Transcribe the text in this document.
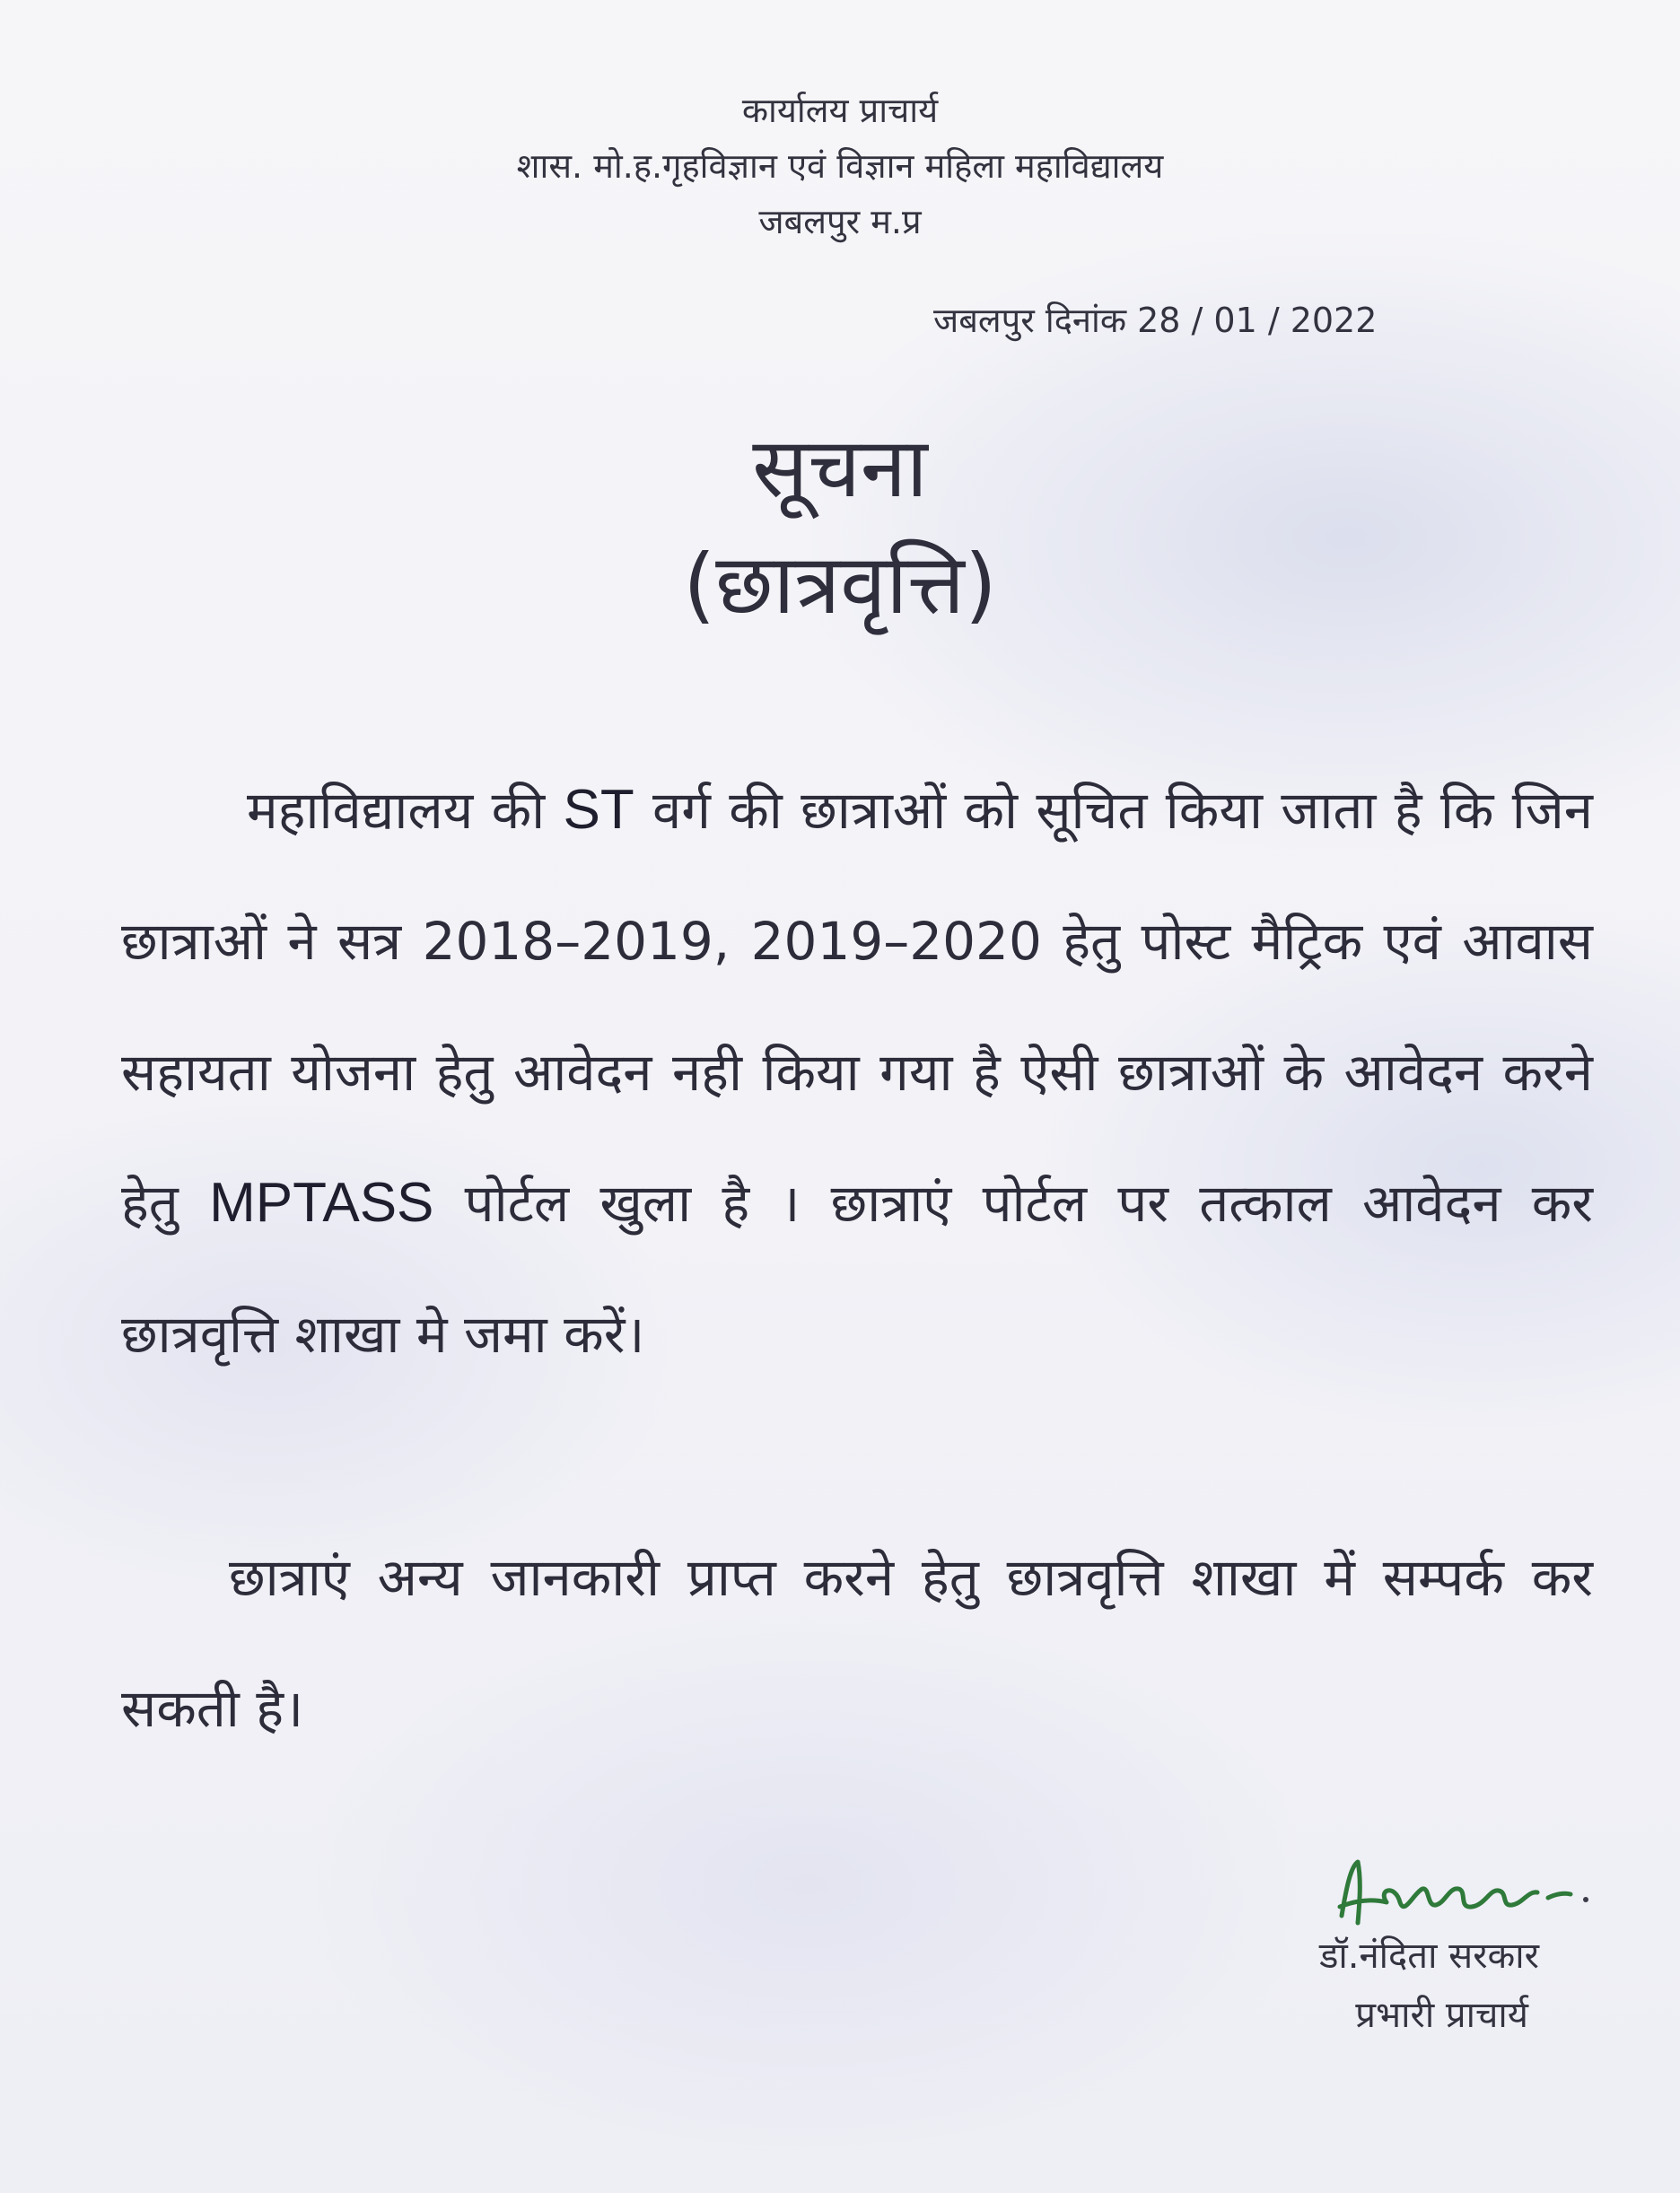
कार्यालय प्राचार्य
शास. मो.ह.गृहविज्ञान एवं विज्ञान महिला महाविद्यालय
जबलपुर म.प्र
जबलपुर दिनांक 28 / 01 / 2022
सूचना
(छात्रवृत्ति)
महाविद्यालय की ST वर्ग की छात्राओं को सूचित किया जाता है कि जिन छात्राओं ने सत्र 2018–2019, 2019–2020 हेतु पोस्ट मैट्रिक एवं आवास सहायता योजना हेतु आवेदन नही किया गया है ऐसी छात्राओं के आवेदन करने हेतु MPTASS पोर्टल खुला है । छात्राएं पोर्टल पर तत्काल आवेदन कर छात्रवृत्ति शाखा मे जमा करें।
छात्राएं अन्य जानकारी प्राप्त करने हेतु छात्रवृत्ति शाखा में सम्पर्क कर सकती है।
डॉ.नंदिता सरकार
प्रभारी प्राचार्य
